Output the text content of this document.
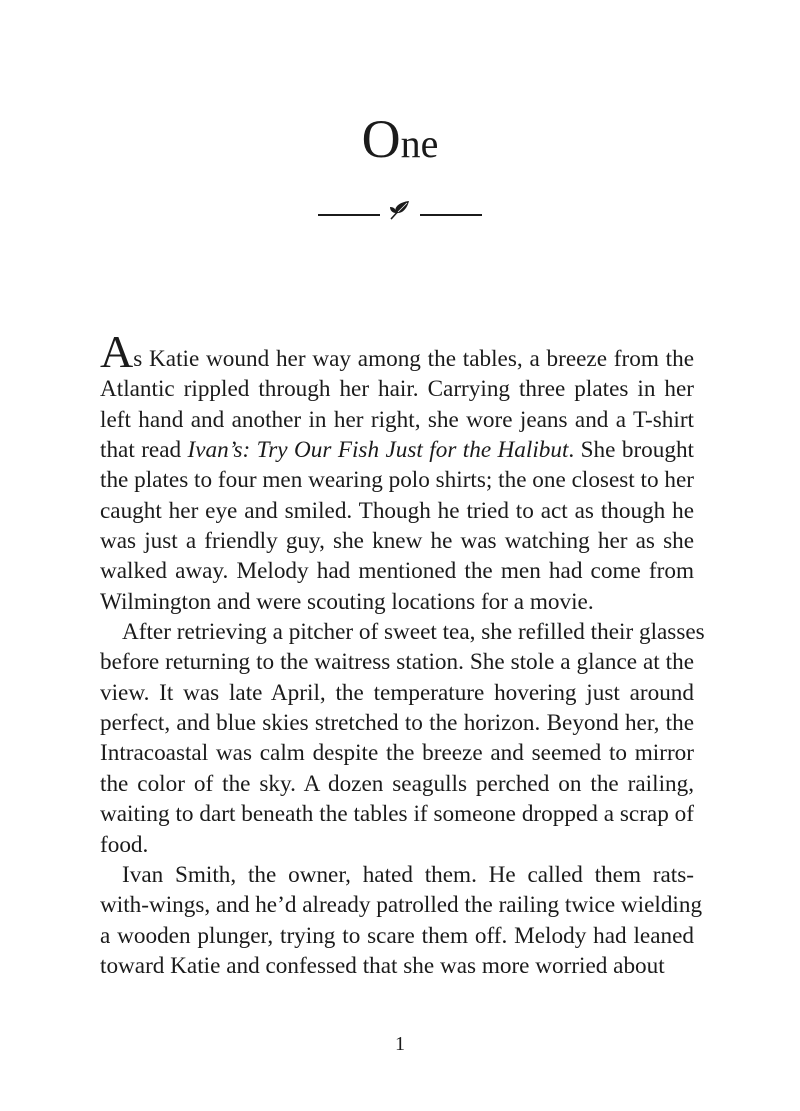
One
As Katie wound her way among the tables, a breeze from the
Atlantic rippled through her hair. Carrying three plates in her
left hand and another in her right, she wore jeans and a T-shirt
that read Ivan’s: Try Our Fish Just for the Halibut. She brought
the plates to four men wearing polo shirts; the one closest to her
caught her eye and smiled. Though he tried to act as though he
was just a friendly guy, she knew he was watching her as she
walked away. Melody had mentioned the men had come from
Wilmington and were scouting locations for a movie.
After retrieving a pitcher of sweet tea, she refilled their glasses
before returning to the waitress station. She stole a glance at the
view. It was late April, the temperature hovering just around
perfect, and blue skies stretched to the horizon. Beyond her, the
Intracoastal was calm despite the breeze and seemed to mirror
the color of the sky. A dozen seagulls perched on the railing,
waiting to dart beneath the tables if someone dropped a scrap of
food.
Ivan Smith, the owner, hated them. He called them rats-
with-wings, and he’d already patrolled the railing twice wielding
a wooden plunger, trying to scare them off. Melody had leaned
toward Katie and confessed that she was more worried about
1
